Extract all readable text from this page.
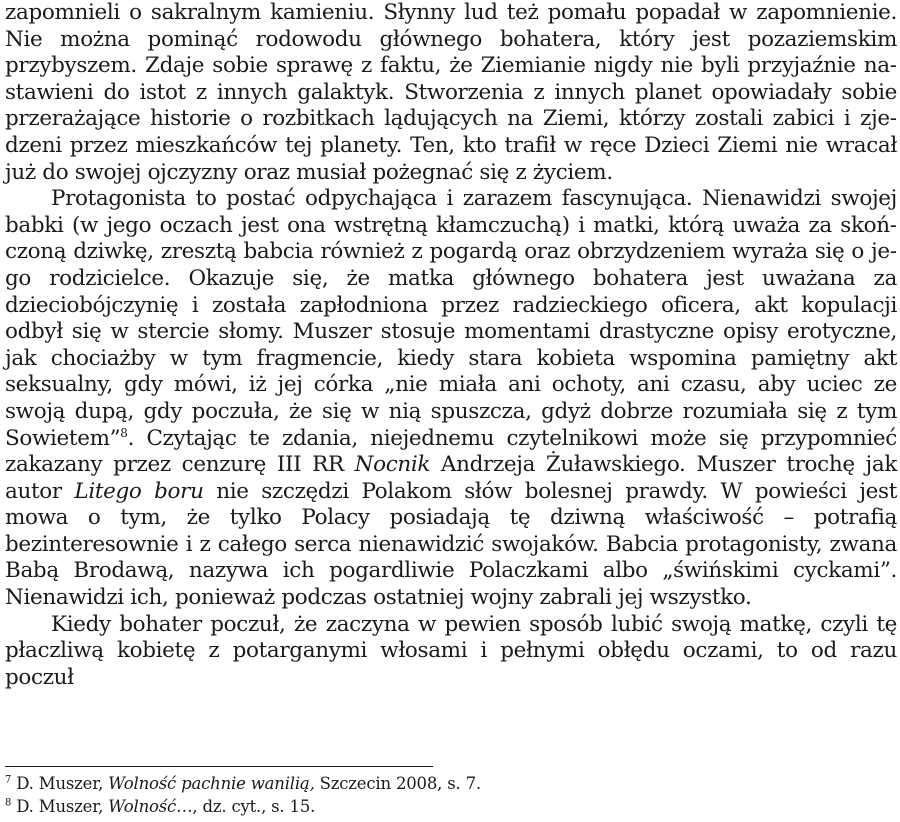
zapomnieli o sakralnym kamieniu. Słynny lud też pomału popadał w zapomnienie. Nie można pominąć rodowodu głównego bohatera, który jest pozaziemskim przybyszem. Zdaje sobie sprawę z faktu, że Ziemianie nigdy nie byli przyjaźnie nastawieni do istot z innych galaktyk. Stworzenia z innych planet opowiadały sobie przerażające historie o rozbitkach lądujących na Ziemi, którzy zostali zabici i zjedzeni przez mieszkańców tej planety. Ten, kto trafił w ręce Dzieci Ziemi nie wracał już do swojej ojczyzny oraz musiał pożegnać się z życiem.

Protagonista to postać odpychająca i zarazem fascynująca. Nienawidzi swojej babki (w jego oczach jest ona wstrętną kłamczuchą) i matki, którą uważa za skończoną dziwkę, zresztą babcia również z pogardą oraz obrzydzeniem wyraża się o jego rodzicielce. Okazuje się, że matka głównego bohatera jest uważana za dzieciobójczynię i została zapłodniona przez radzieckiego oficera, akt kopulacji odbył się w stercie słomy. Muszer stosuje momentami drastyczne opisy erotyczne, jak chociażby w tym fragmencie, kiedy stara kobieta wspomina pamiętny akt seksualny, gdy mówi, iż jej córka „nie miała ani ochoty, ani czasu, aby uciec ze swoją dupą, gdy poczuła, że się w nią spuszcza, gdyż dobrze rozumiała się z tym Sowietem”$^8$. Czytając te zdania, niejednemu czytelnikowi może się przypomnieć zakazany przez cenzurę III RR Nocnik Andrzeja Żuławskiego. Muszer trochę jak autor Litego boru nie szczędzi Polakom słów bolesnej prawdy. W powieści jest mowa o tym, że tylko Polacy posiadają tę dziwną właściwość – potrafią bezinteresownie i z całego serca nienawidzić swojaków. Babcia protagonisty, zwana Babą Brodawą, nazywa ich pogardliwie Polaczkami albo „świńskimi cyckami”. Nienawidzi ich, ponieważ podczas ostatniej wojny zabrali jej wszystko.

Kiedy bohater poczuł, że zaczyna w pewien sposób lubić swoją matkę, czyli tę płaczliwą kobietę z potarganymi włosami i pełnymi obłędu oczami, to od razu poczuł

$^7$ D. Muszer, Wolność pachnie wanilią, Szczecin 2008, s. 7.

$^8$ D. Muszer, Wolność…, dz. cyt., s. 15.
